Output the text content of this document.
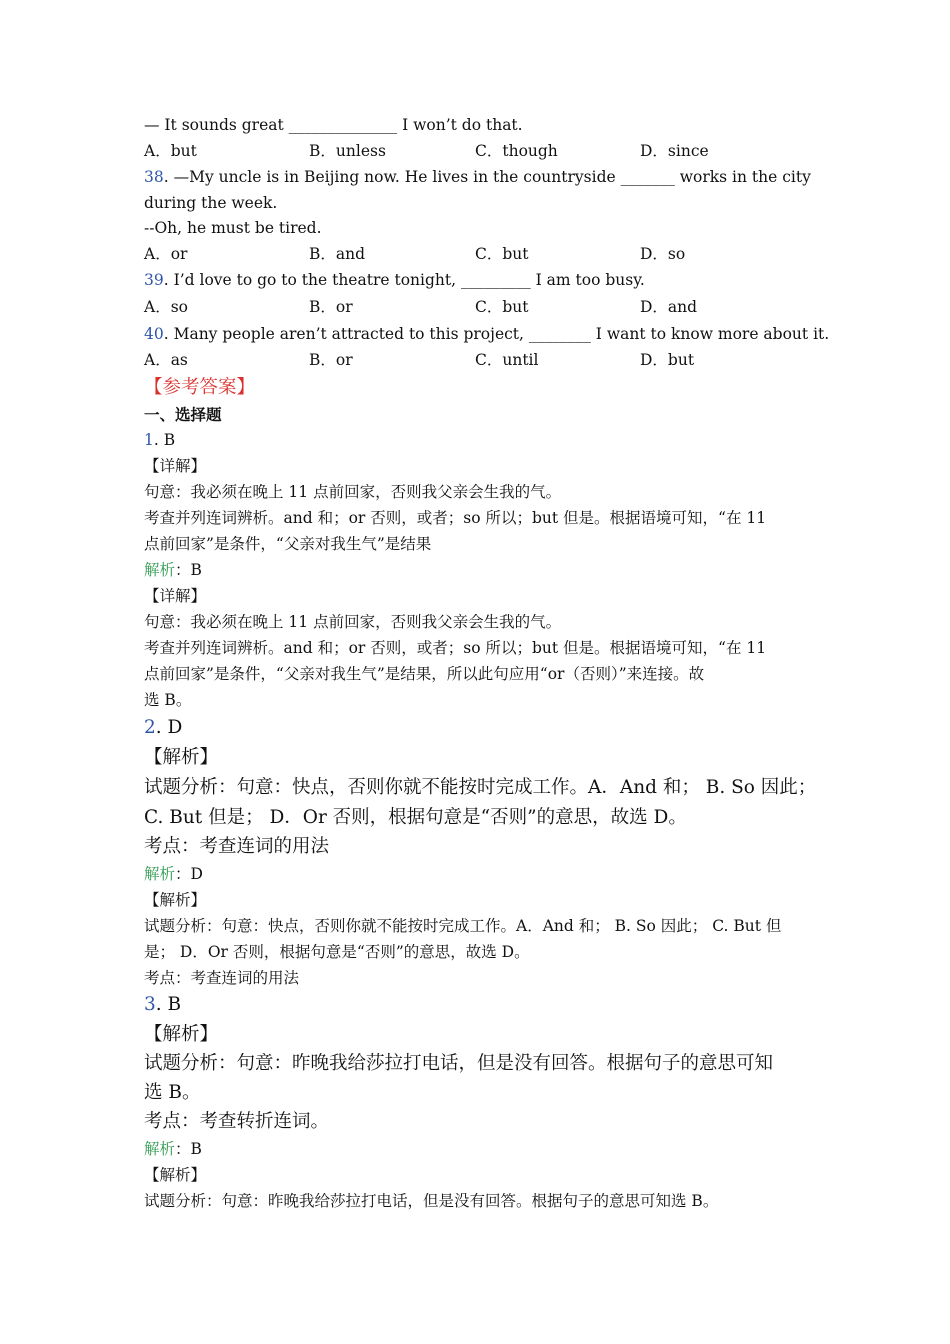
— It sounds great ______________ I won’t do that.
A．but	B．unless	C．though	D．since
38. —My uncle is in Beijing now. He lives in the countryside _______ works in the city
during the week.
--Oh, he must be tired.
A．or	B．and	C．but	D．so
39. I’d love to go to the theatre tonight, _________ I am too busy.
A．so	B．or	C．but	D．and
40. Many people aren’t attracted to this project, ________ I want to know more about it.
A．as	B．or	C．until	D．but
【参考答案】
一、选择题
1. B
【详解】
句意：我必须在晚上 11 点前回家，否则我父亲会生我的气。
考查并列连词辨析。and 和；or 否则，或者；so 所以；but 但是。根据语境可知，“在 11
点前回家”是条件，“父亲对我生气”是结果
解析：B
【详解】
句意：我必须在晚上 11 点前回家，否则我父亲会生我的气。
考查并列连词辨析。and 和；or 否则，或者；so 所以；but 但是。根据语境可知，“在 11
点前回家”是条件，“父亲对我生气”是结果，所以此句应用“or（否则）”来连接。故
选 B。
2. D
【解析】
试题分析：句意：快点，否则你就不能按时完成工作。A．And 和； B. So 因此；
C. But 但是； D．Or 否则，根据句意是“否则”的意思，故选 D。
考点：考查连词的用法
解析：D
【解析】
试题分析：句意：快点，否则你就不能按时完成工作。A．And 和； B. So 因此； C. But 但
是； D．Or 否则，根据句意是“否则”的意思，故选 D。
考点：考查连词的用法
3. B
【解析】
试题分析：句意：昨晚我给莎拉打电话，但是没有回答。根据句子的意思可知
选 B。
考点：考查转折连词。
解析：B
【解析】
试题分析：句意：昨晚我给莎拉打电话，但是没有回答。根据句子的意思可知选 B。
